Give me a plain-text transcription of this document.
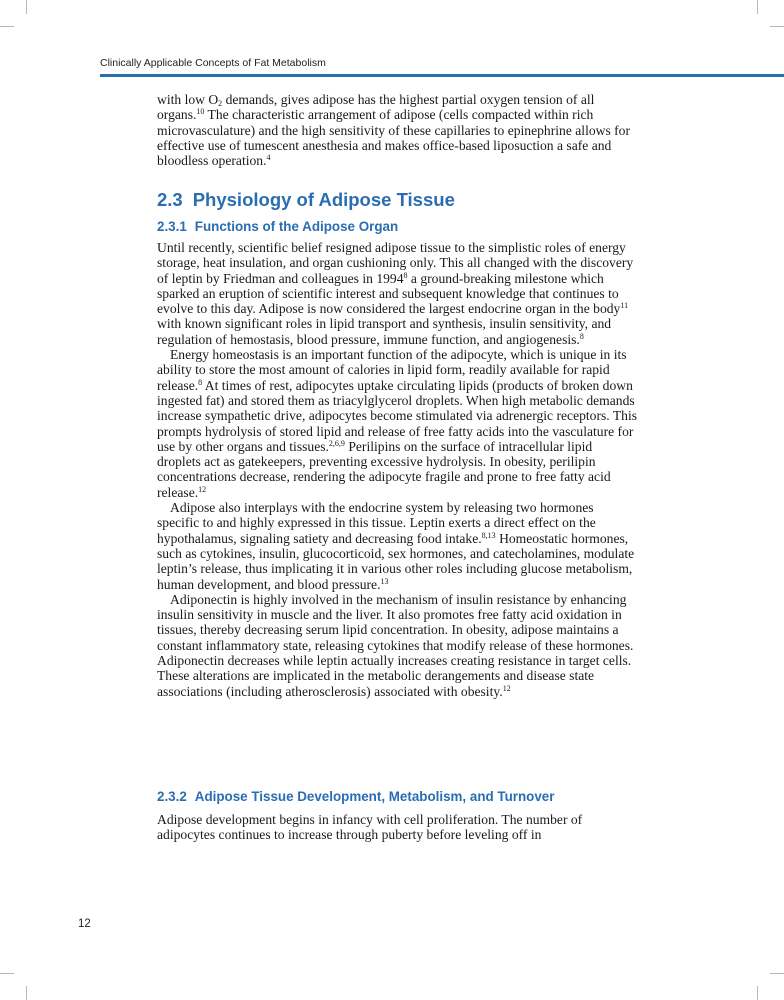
Clinically Applicable Concepts of Fat Metabolism

with low $O_2$ demands, gives adipose has the highest partial oxygen tension of all organs.$^{10}$ The characteristic arrangement of adipose (cells compacted within rich microvasculature) and the high sensitivity of these capillaries to epinephrine allows for effective use of tumescent anesthesia and makes office-based liposuction a safe and bloodless operation.$^4$

2.3 Physiology of Adipose Tissue
2.3.1 Functions of the Adipose Organ

Until recently, scientific belief resigned adipose tissue to the simplistic roles of energy storage, heat insulation, and organ cushioning only. This all changed with the discovery of leptin by Friedman and colleagues in 1994$^8$ a ground-breaking milestone which sparked an eruption of scientific interest and subsequent knowledge that continues to evolve to this day. Adipose is now considered the largest endocrine organ in the body$^{11}$ with known significant roles in lipid transport and synthesis, insulin sensitivity, and regulation of hemostasis, blood pressure, immune function, and angiogenesis.$^8$

Energy homeostasis is an important function of the adipocyte, which is unique in its ability to store the most amount of calories in lipid form, readily available for rapid release.$^8$ At times of rest, adipocytes uptake circulating lipids (products of broken down ingested fat) and stored them as triacylglycerol droplets. When high metabolic demands increase sympathetic drive, adipocytes become stimulated via adrenergic receptors. This prompts hydrolysis of stored lipid and release of free fatty acids into the vasculature for use by other organs and tissues.$^{2,6,9}$ Perilipins on the surface of intracellular lipid droplets act as gatekeepers, preventing excessive hydrolysis. In obesity, perilipin concentrations decrease, rendering the adipocyte fragile and prone to free fatty acid release.$^{12}$

Adipose also interplays with the endocrine system by releasing two hormones specific to and highly expressed in this tissue. Leptin exerts a direct effect on the hypothalamus, signaling satiety and decreasing food intake.$^{8,13}$ Homeostatic hormones, such as cytokines, insulin, glucocorticoid, sex hormones, and catecholamines, modulate leptin’s release, thus implicating it in various other roles including glucose metabolism, human development, and blood pressure.$^{13}$

Adiponectin is highly involved in the mechanism of insulin resistance by enhancing insulin sensitivity in muscle and the liver. It also promotes free fatty acid oxidation in tissues, thereby decreasing serum lipid concentration. In obesity, adipose maintains a constant inflammatory state, releasing cytokines that modify release of these hormones. Adiponectin decreases while leptin actually increases creating resistance in target cells. These alterations are implicated in the metabolic derangements and disease state associations (including atherosclerosis) associated with obesity.$^{12}$

2.3.2 Adipose Tissue Development, Metabolism, and Turnover

Adipose development begins in infancy with cell proliferation. The number of adipocytes continues to increase through puberty before leveling off in

12
